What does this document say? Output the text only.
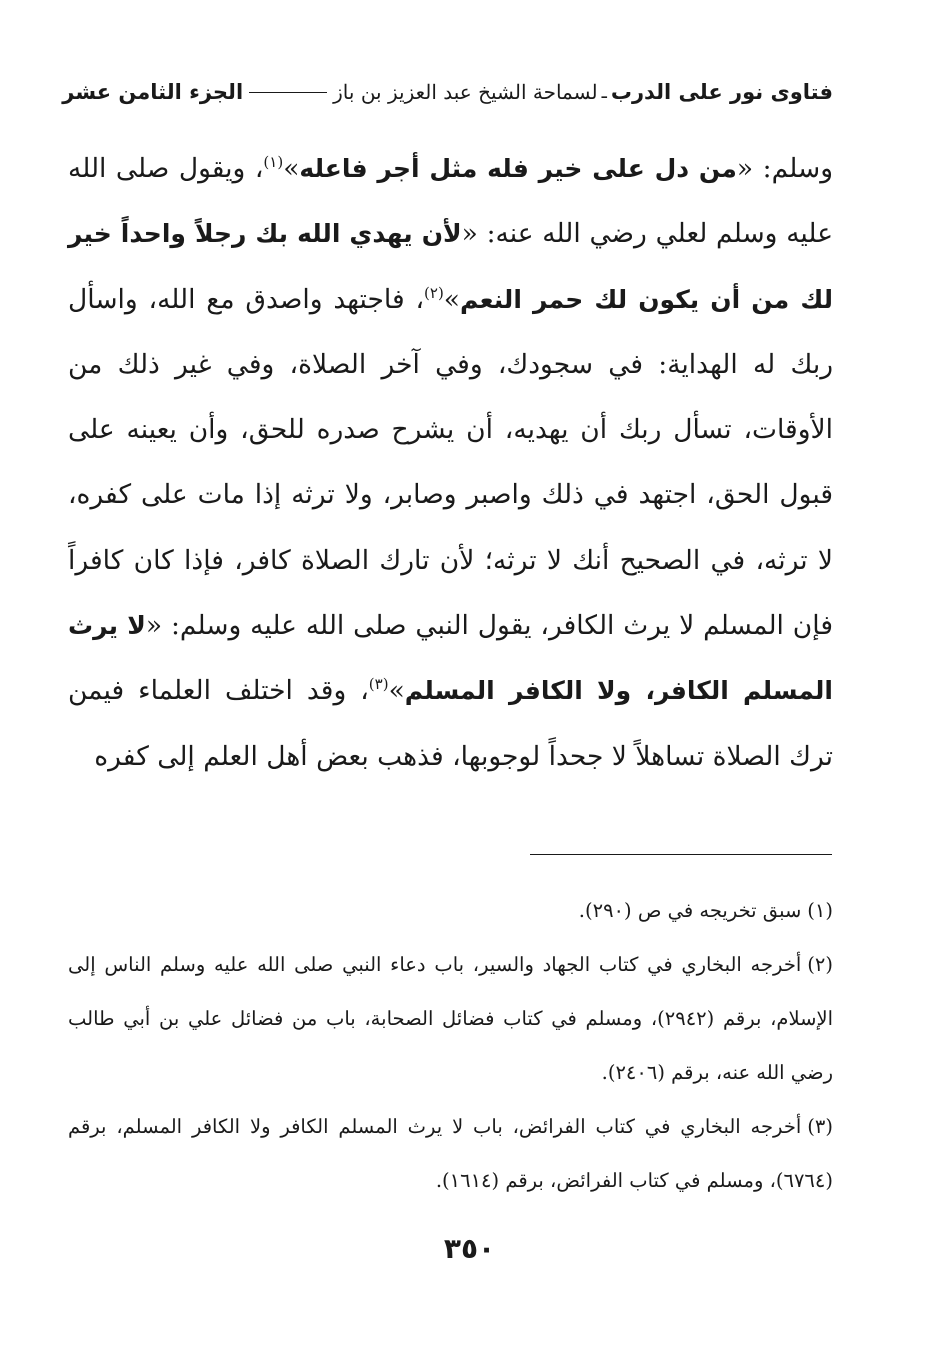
فتاوى نور على الدرب
ـ
لسماحة الشيخ عبد العزيز بن باز
الجزء الثامن عشر

وسلم: «من دل على خير فله مثل أجر فاعله»$^{(١)}$، ويقول صلى الله عليه وسلم لعلي رضي الله عنه: «لأن يهدي الله بك رجلاً واحداً خير لك من أن يكون لك حمر النعم»$^{(٢)}$، فاجتهد واصدق مع الله، واسأل ربك له الهداية: في سجودك، وفي آخر الصلاة، وفي غير ذلك من الأوقات، تسأل ربك أن يهديه، أن يشرح صدره للحق، وأن يعينه على قبول الحق، اجتهد في ذلك واصبر وصابر، ولا ترثه إذا مات على كفره، لا ترثه، في الصحيح أنك لا ترثه؛ لأن تارك الصلاة كافر، فإذا كان كافراً فإن المسلم لا يرث الكافر، يقول النبي صلى الله عليه وسلم: «لا يرث المسلم الكافر، ولا الكافر المسلم»$^{(٣)}$، وقد اختلف العلماء فيمن ترك الصلاة تساهلاً لا جحداً لوجوبها، فذهب بعض أهل العلم إلى كفره

(١)سبق تخريجه في ص (٢٩٠).

(٢)أخرجه البخاري في كتاب الجهاد والسير، باب دعاء النبي صلى الله عليه وسلم الناس إلى الإسلام، برقم (٢٩٤٢)، ومسلم في كتاب فضائل الصحابة، باب من فضائل علي بن أبي طالب رضي الله عنه، برقم (٢٤٠٦).

(٣)أخرجه البخاري في كتاب الفرائض، باب لا يرث المسلم الكافر ولا الكافر المسلم، برقم (٦٧٦٤)، ومسلم في كتاب الفرائض، برقم (١٦١٤).

٣٥٠
